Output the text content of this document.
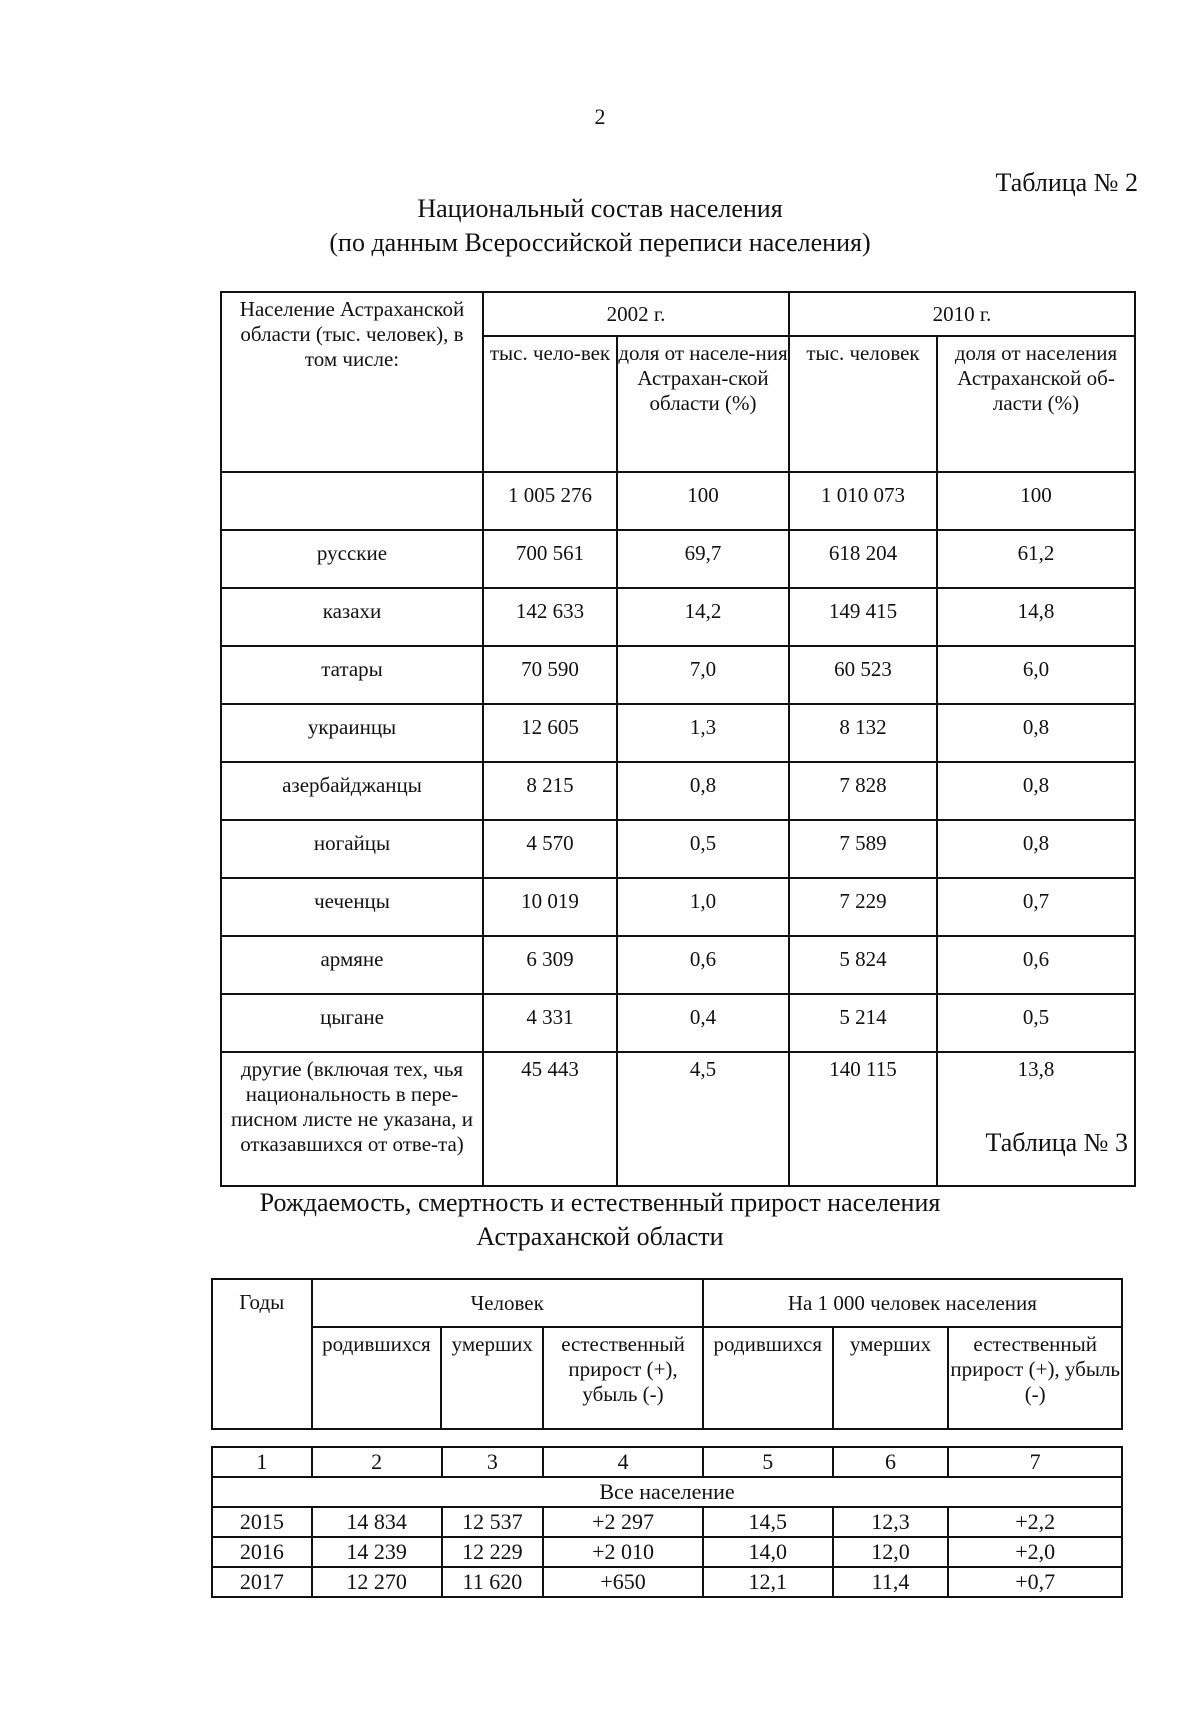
2
Таблица № 2
Национальный состав населения
(по данным Всероссийской переписи населения)
Население Астраханской области (тыс. человек), в том числе:	2002 г.		2010 г.	
	тыс. чело-век	доля от населе-ния Астрахан-ской области (%)	тыс. человек	доля от населения Астраханской об-ласти (%)
	1 005 276	100	1 010 073	100
русские	700 561	69,7	618 204	61,2
казахи	142 633	14,2	149 415	14,8
татары	70 590	7,0	60 523	6,0
украинцы	12 605	1,3	8 132	0,8
азербайджанцы	8 215	0,8	7 828	0,8
ногайцы	4 570	0,5	7 589	0,8
чеченцы	10 019	1,0	7 229	0,7
армяне	6 309	0,6	5 824	0,6
цыгане	4 331	0,4	5 214	0,5
другие (включая тех, чья национальность в пере-писном листе не указана, и отказавшихся от отве-та)	45 443	4,5	140 115	13,8
Таблица № 3
Рождаемость, смертность и естественный прирост населения
Астраханской области
Годы	Человек			На 1 000 человек населения		
	родившихся	умерших	естественный прирост (+), убыль (-)	родившихся	умерших	естественный прирост (+), убыль (-)
1	2	3	4	5	6	7
Все население						
2015	14 834	12 537	+2 297	14,5	12,3	+2,2
2016	14 239	12 229	+2 010	14,0	12,0	+2,0
2017	12 270	11 620	+650	12,1	11,4	+0,7
